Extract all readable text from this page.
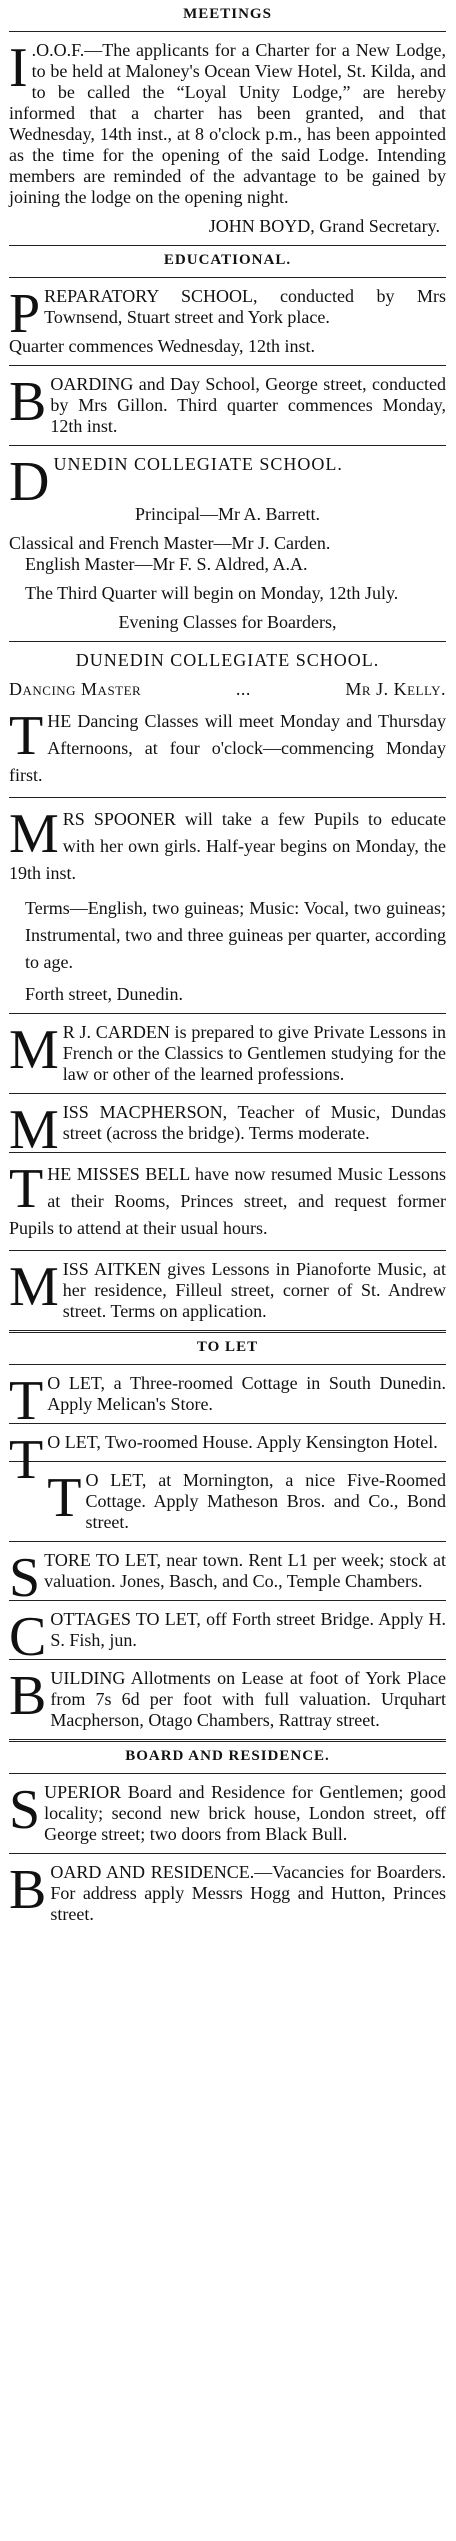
MEETINGS
I .O.O.F.—The applicants for a Charter for a New Lodge, to be held at Maloney's Ocean View Hotel, St. Kilda, and to be called the “Loyal Unity Lodge,” are hereby informed that a charter has been granted, and that Wednesday, 14th inst., at 8 o'clock p.m., has been appointed as the time for the opening of the said Lodge. Intending members are reminded of the advantage to be gained by joining the lodge on the opening night.

JOHN BOYD, Grand Secretary.

EDUCATIONAL.
P REPARATORY SCHOOL, conducted by Mrs Townsend, Stuart street and York place.

Quarter commences Wednesday, 12th inst.

B OARDING and Day School, George street, conducted by Mrs Gillon. Third quarter commences Monday, 12th inst.

D UNEDIN COLLEGIATE SCHOOL.

Principal—Mr A. Barrett.

Classical and French Master—Mr J. Carden.

English Master—Mr F. S. Aldred, A.A.

The Third Quarter will begin on Monday, 12th July.

Evening Classes for Boarders,

DUNEDIN COLLEGIATE SCHOOL.

Dancing Master	...	Mr J. Kelly.
T HE Dancing Classes will meet Monday and Thursday Afternoons, at four o'clock—commencing Monday first.

M RS SPOONER will take a few Pupils to educate with her own girls. Half-year begins on Monday, the 19th inst.

Terms—English, two guineas; Music: Vocal, two guineas; Instrumental, two and three guineas per quarter, according to age.

Forth street, Dunedin.

M R J. CARDEN is prepared to give Private Lessons in French or the Classics to Gentlemen studying for the law or other of the learned professions.

M ISS MACPHERSON, Teacher of Music, Dundas street (across the bridge). Terms moderate.

T HE MISSES BELL have now resumed Music Lessons at their Rooms, Princes street, and request former Pupils to attend at their usual hours.

M ISS AITKEN gives Lessons in Pianoforte Music, at her residence, Filleul street, corner of St. Andrew street. Terms on application.

TO LET
T O LET, a Three-roomed Cottage in South Dunedin. Apply Melican's Store.

T O LET, Two-roomed House. Apply Kensington Hotel.

T O LET, at Mornington, a nice Five-Roomed Cottage. Apply Matheson Bros. and Co., Bond street.

S TORE TO LET, near town. Rent L1 per week; stock at valuation. Jones, Basch, and Co., Temple Chambers.

C OTTAGES TO LET, off Forth street Bridge. Apply H. S. Fish, jun.

B UILDING Allotments on Lease at foot of York Place from 7s 6d per foot with full valuation. Urquhart Macpherson, Otago Chambers, Rattray street.

BOARD AND RESIDENCE.
S UPERIOR Board and Residence for Gentlemen; good locality; second new brick house, London street, off George street; two doors from Black Bull.

B OARD AND RESIDENCE.—Vacancies for Boarders. For address apply Messrs Hogg and Hutton, Princes street.
